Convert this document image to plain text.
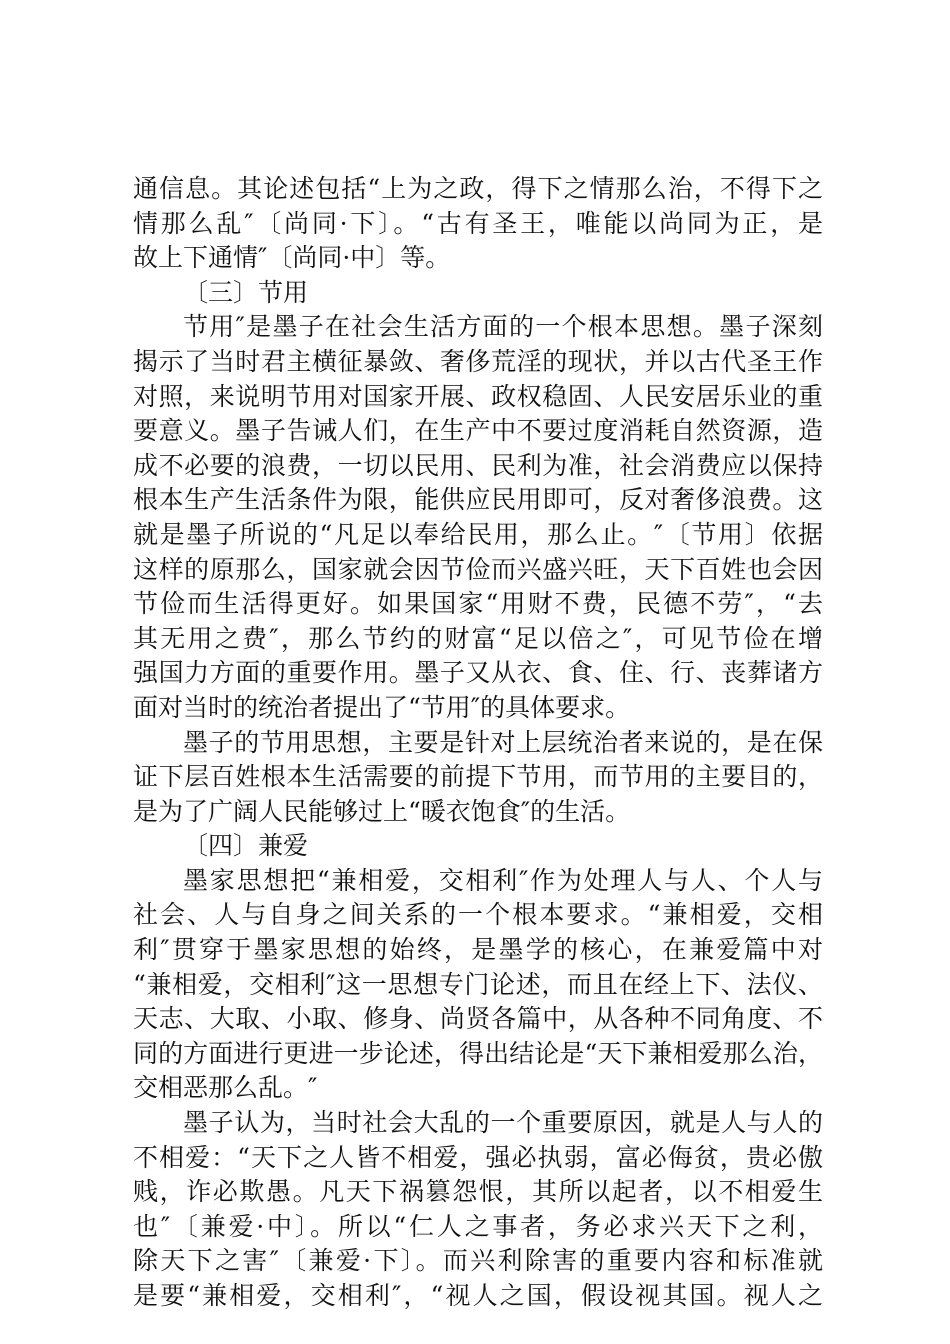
通信息。其论述包括“上为之政，得下之情那么治，不得下之
情那么乱″〔尚同·下〕。“古有圣王，唯能以尚同为正，是
故上下通情″〔尚同·中〕等。
〔三〕节用
节用″是墨子在社会生活方面的一个根本思想。墨子深刻
揭示了当时君主横征暴敛、奢侈荒淫的现状，并以古代圣王作
对照，来说明节用对国家开展、政权稳固、人民安居乐业的重
要意义。墨子告诫人们，在生产中不要过度消耗自然资源，造
成不必要的浪费，一切以民用、民利为准，社会消费应以保持
根本生产生活条件为限，能供应民用即可，反对奢侈浪费。这
就是墨子所说的“凡足以奉给民用，那么止。″〔节用〕依据
这样的原那么，国家就会因节俭而兴盛兴旺，天下百姓也会因
节俭而生活得更好。如果国家“用财不费，民德不劳″，“去
其无用之费″，那么节约的财富“足以倍之″，可见节俭在增
强国力方面的重要作用。墨子又从衣、食、住、行、丧葬诸方
面对当时的统治者提出了“节用″的具体要求。
墨子的节用思想，主要是针对上层统治者来说的，是在保
证下层百姓根本生活需要的前提下节用，而节用的主要目的，
是为了广阔人民能够过上“暖衣饱食″的生活。
〔四〕兼爱
墨家思想把“兼相爱，交相利″作为处理人与人、个人与
社会、人与自身之间关系的一个根本要求。“兼相爱，交相
利″贯穿于墨家思想的始终，是墨学的核心，在兼爱篇中对
“兼相爱，交相利″这一思想专门论述，而且在经上下、法仪、
天志、大取、小取、修身、尚贤各篇中，从各种不同角度、不
同的方面进行更进一步论述，得出结论是“天下兼相爱那么治，
交相恶那么乱。″
墨子认为，当时社会大乱的一个重要原因，就是人与人的
不相爱：“天下之人皆不相爱，强必执弱，富必侮贫，贵必傲
贱，诈必欺愚。凡天下祸篡怨恨，其所以起者，以不相爱生
也″〔兼爱·中〕。所以“仁人之事者，务必求兴天下之利，
除天下之害″〔兼爱·下〕。而兴利除害的重要内容和标准就
是要“兼相爱，交相利″，“视人之国，假设视其国。视人之
